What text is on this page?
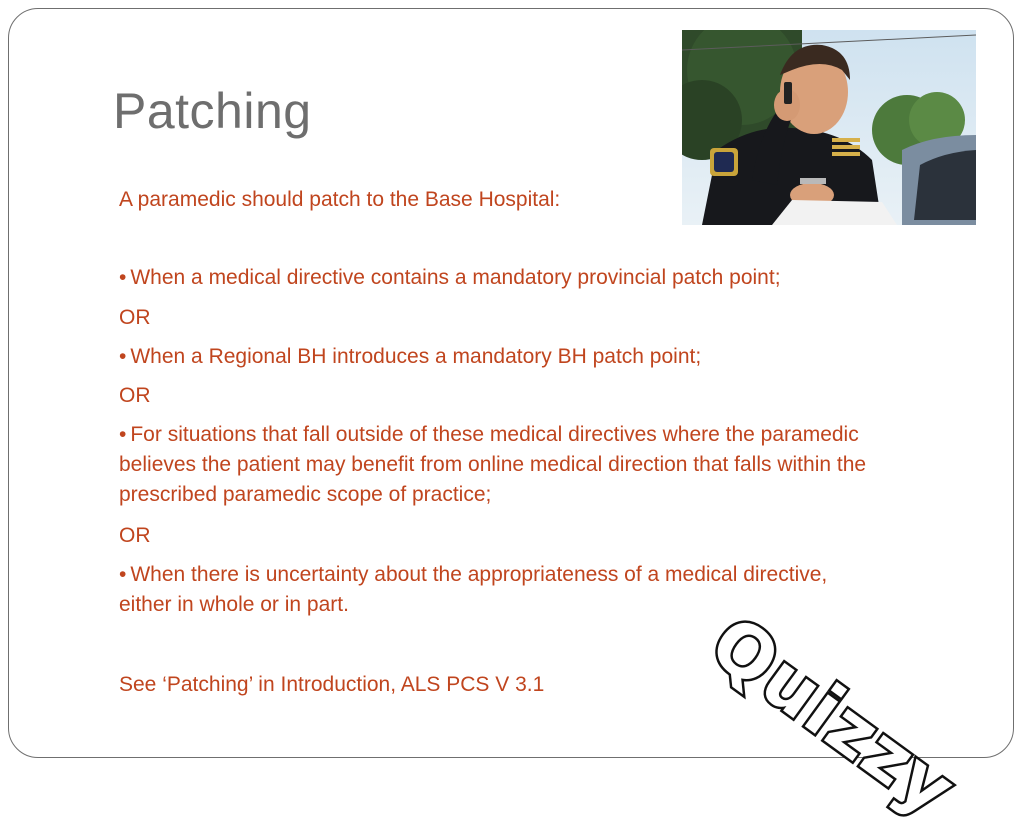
Patching
A paramedic should patch to the Base Hospital:
• When a medical directive contains a mandatory provincial patch point;
OR
• When a Regional BH introduces a mandatory BH patch point;
OR
• For situations that fall outside of these medical directives where the paramedic believes the patient may benefit from online medical direction that falls within the prescribed paramedic scope of practice;
OR
• When there is uncertainty about the appropriateness of a medical directive, either in whole or in part.
See ‘Patching’ in Introduction, ALS PCS V 3.1	Quizzy
